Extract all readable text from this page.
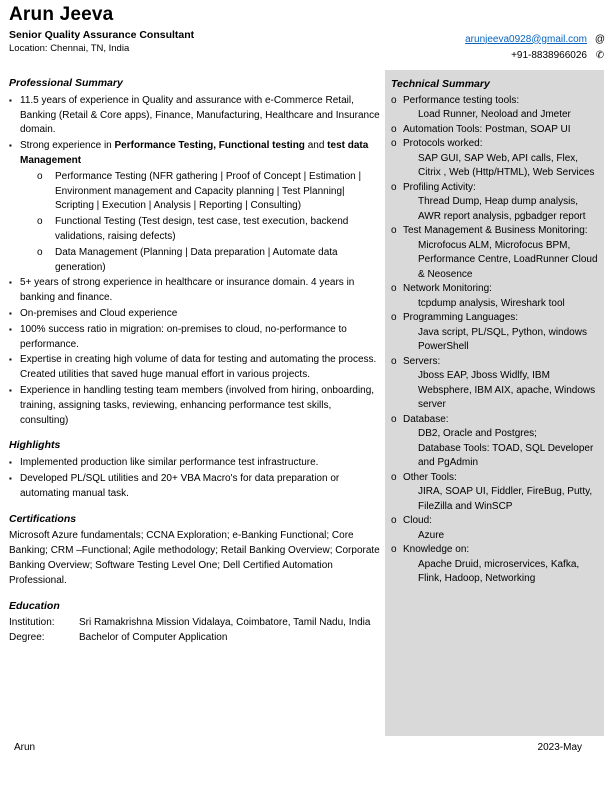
Arun Jeeva
Senior Quality Assurance Consultant
Location: Chennai, TN, India
arunjeeva0928@gmail.com @
+91-8838966026 ✆
Professional Summary
▪ 11.5 years of experience in Quality and assurance with e-Commerce Retail, Banking (Retail & Core apps), Finance, Manufacturing, Healthcare and Insurance domain.
▪ Strong experience in Performance Testing, Functional testing and test data Management
o	Performance Testing (NFR gathering | Proof of Concept | Estimation | Environment management and Capacity planning | Test Planning| Scripting | Execution | Analysis | Reporting | Consulting)
o	Functional Testing (Test design, test case, test execution, backend validations, raising defects)
o	Data Management (Planning | Data preparation | Automate data generation)
▪ 5+ years of strong experience in healthcare or insurance domain. 4 years in banking and finance.
▪ On-premises and Cloud experience
▪ 100% success ratio in migration: on-premises to cloud, no-performance to performance.
▪ Expertise in creating high volume of data for testing and automating the process. Created utilities that saved huge manual effort in various projects.
▪ Experience in handling testing team members (involved from hiring, onboarding, training, assigning tasks, reviewing, enhancing performance test skills, consulting)
Highlights
▪ Implemented production like similar performance test infrastructure.
▪ Developed PL/SQL utilities and 20+ VBA Macro's for data preparation or automating manual task.
Certifications
Microsoft Azure fundamentals; CCNA Exploration; e-Banking Functional; Core Banking; CRM –Functional; Agile methodology; Retail Banking Overview; Corporate Banking Overview; Software Testing Level One; Dell Certified Automation Professional.
Education
Institution:	Sri Ramakrishna Mission Vidalaya, Coimbatore, Tamil Nadu, India
Degree:	Bachelor of Computer Application
Technical Summary
o Performance testing tools:
Load Runner, Neoload and Jmeter
o Automation Tools: Postman, SOAP UI
o Protocols worked:
SAP GUI, SAP Web, API calls, Flex, Citrix , Web (Http/HTML), Web Services
o Profiling Activity:
Thread Dump, Heap dump analysis, AWR report analysis, pgbadger report
o Test Management & Business Monitoring:
Microfocus ALM, Microfocus BPM, Performance Centre, LoadRunner Cloud & Neosence
o Network Monitoring:
tcpdump analysis, Wireshark tool
o Programming Languages:
Java script, PL/SQL, Python, windows PowerShell
o Servers:
Jboss EAP, Jboss Widlfy, IBM Websphere, IBM AIX, apache, Windows server
o Database:
DB2, Oracle and Postgres;
Database Tools: TOAD, SQL Developer and PgAdmin
o Other Tools:
JIRA, SOAP UI, Fiddler, FireBug, Putty, FileZilla and WinSCP
o Cloud:
Azure
o Knowledge on:
Apache Druid, microservices, Kafka, Flink, Hadoop, Networking
Arun	2023-May
